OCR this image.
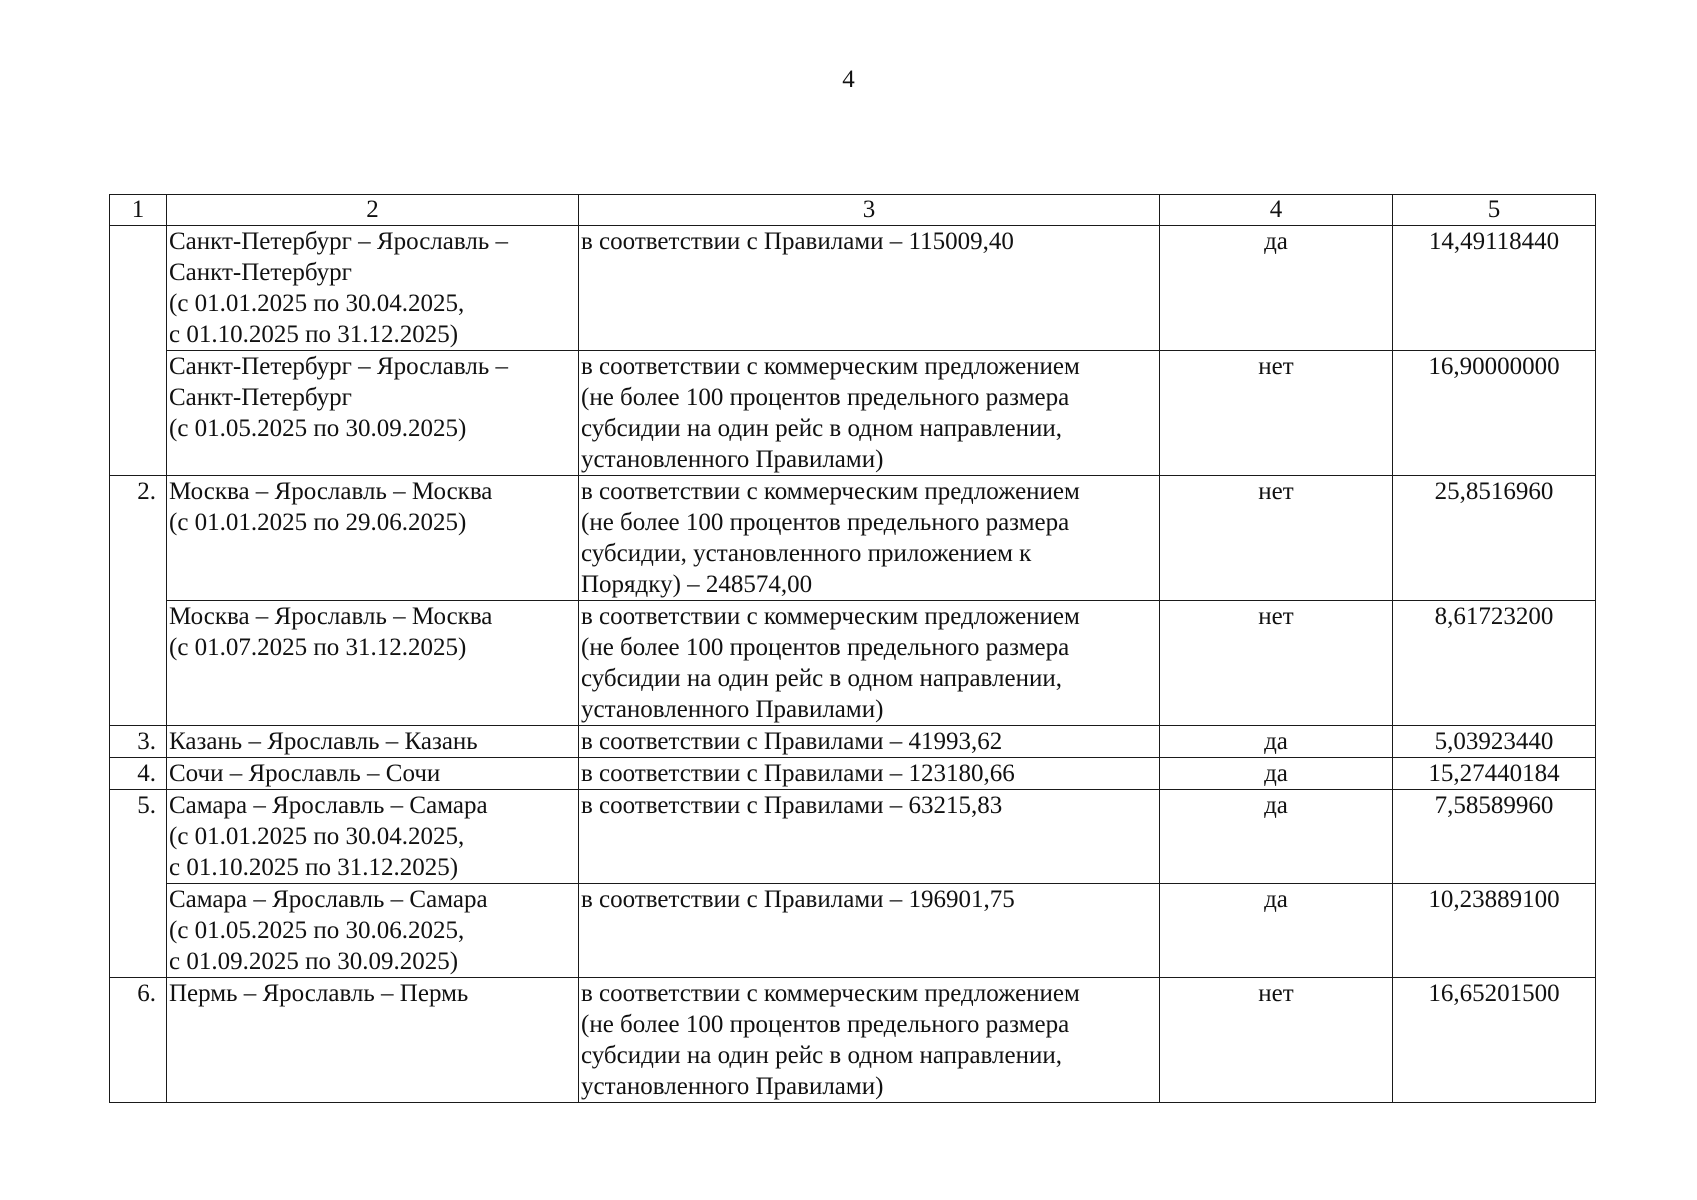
4
1	2	3	4	5
	Санкт-Петербург – Ярославль –
Санкт-Петербург
(с 01.01.2025 по 30.04.2025,
с 01.10.2025 по 31.12.2025)	в соответствии с Правилами – 115009,40	да	14,49118440
	Санкт-Петербург – Ярославль –
Санкт-Петербург
(с 01.05.2025 по 30.09.2025)	в соответствии с коммерческим предложением
(не более 100 процентов предельного размера
субсидии на один рейс в одном направлении,
установленного Правилами)	нет	16,90000000
2.	Москва – Ярославль – Москва
(с 01.01.2025 по 29.06.2025)	в соответствии с коммерческим предложением
(не более 100 процентов предельного размера
субсидии, установленного приложением к
Порядку) – 248574,00	нет	25,8516960
	Москва – Ярославль – Москва
(с 01.07.2025 по 31.12.2025)	в соответствии с коммерческим предложением
(не более 100 процентов предельного размера
субсидии на один рейс в одном направлении,
установленного Правилами)	нет	8,61723200
3.	Казань – Ярославль – Казань	в соответствии с Правилами – 41993,62	да	5,03923440
4.	Сочи – Ярославль – Сочи	в соответствии с Правилами – 123180,66	да	15,27440184
5.	Самара – Ярославль – Самара
(с 01.01.2025 по 30.04.2025,
с 01.10.2025 по 31.12.2025)	в соответствии с Правилами – 63215,83	да	7,58589960
	Самара – Ярославль – Самара
(с 01.05.2025 по 30.06.2025,
с 01.09.2025 по 30.09.2025)	в соответствии с Правилами – 196901,75	да	10,23889100
6.	Пермь – Ярославль – Пермь	в соответствии с коммерческим предложением
(не более 100 процентов предельного размера
субсидии на один рейс в одном направлении,
установленного Правилами)	нет	16,65201500
